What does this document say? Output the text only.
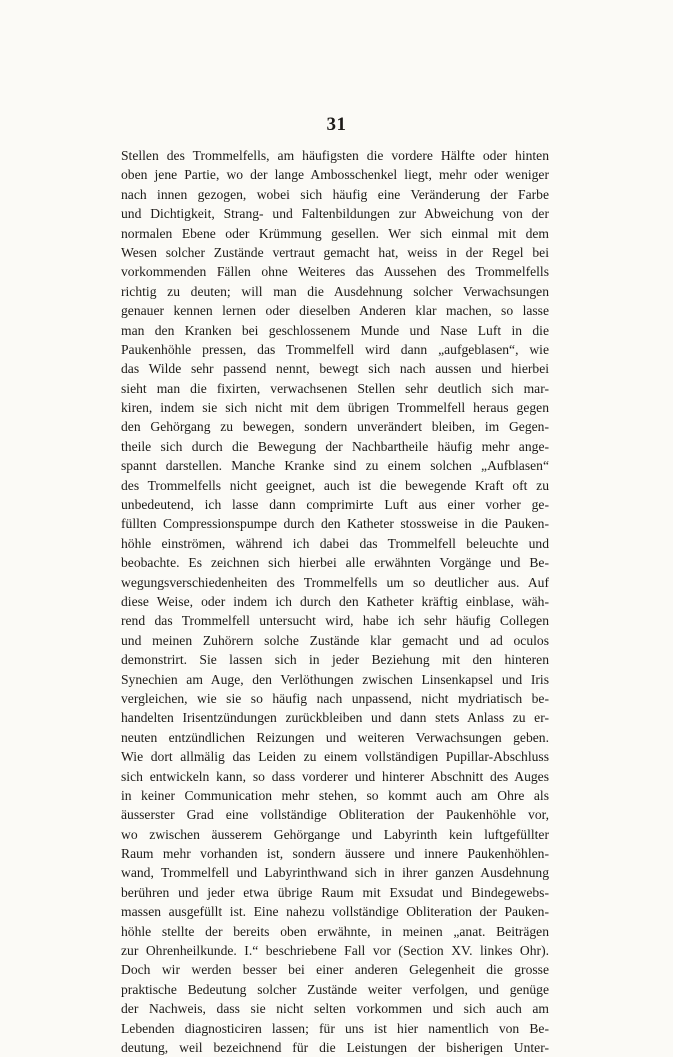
31
Stellen des Trommelfells, am häufigsten die vordere Hälfte oder hinten
oben jene Partie, wo der lange Ambosschenkel liegt, mehr oder weniger
nach innen gezogen, wobei sich häufig eine Veränderung der Farbe
und Dichtigkeit, Strang- und Faltenbildungen zur Abweichung von der
normalen Ebene oder Krümmung gesellen. Wer sich einmal mit dem
Wesen solcher Zustände vertraut gemacht hat, weiss in der Regel bei
vorkommenden Fällen ohne Weiteres das Aussehen des Trommelfells
richtig zu deuten; will man die Ausdehnung solcher Verwachsungen
genauer kennen lernen oder dieselben Anderen klar machen, so lasse
man den Kranken bei geschlossenem Munde und Nase Luft in die
Paukenhöhle pressen, das Trommelfell wird dann „aufgeblasen“, wie
das Wilde sehr passend nennt, bewegt sich nach aussen und hierbei
sieht man die fixirten, verwachsenen Stellen sehr deutlich sich mar-
kiren, indem sie sich nicht mit dem übrigen Trommelfell heraus gegen
den Gehörgang zu bewegen, sondern unverändert bleiben, im Gegen-
theile sich durch die Bewegung der Nachbartheile häufig mehr ange-
spannt darstellen. Manche Kranke sind zu einem solchen „Aufblasen“
des Trommelfells nicht geeignet, auch ist die bewegende Kraft oft zu
unbedeutend, ich lasse dann comprimirte Luft aus einer vorher ge-
füllten Compressionspumpe durch den Katheter stossweise in die Pauken-
höhle einströmen, während ich dabei das Trommelfell beleuchte und
beobachte. Es zeichnen sich hierbei alle erwähnten Vorgänge und Be-
wegungsverschiedenheiten des Trommelfells um so deutlicher aus. Auf
diese Weise, oder indem ich durch den Katheter kräftig einblase, wäh-
rend das Trommelfell untersucht wird, habe ich sehr häufig Collegen
und meinen Zuhörern solche Zustände klar gemacht und ad oculos
demonstrirt. Sie lassen sich in jeder Beziehung mit den hinteren
Synechien am Auge, den Verlöthungen zwischen Linsenkapsel und Iris
vergleichen, wie sie so häufig nach unpassend, nicht mydriatisch be-
handelten Irisentzündungen zurückbleiben und dann stets Anlass zu er-
neuten entzündlichen Reizungen und weiteren Verwachsungen geben.
Wie dort allmälig das Leiden zu einem vollständigen Pupillar-Abschluss
sich entwickeln kann, so dass vorderer und hinterer Abschnitt des Auges
in keiner Communication mehr stehen, so kommt auch am Ohre als
äusserster Grad eine vollständige Obliteration der Paukenhöhle vor,
wo zwischen äusserem Gehörgange und Labyrinth kein luftgefüllter
Raum mehr vorhanden ist, sondern äussere und innere Paukenhöhlen-
wand, Trommelfell und Labyrinthwand sich in ihrer ganzen Ausdehnung
berühren und jeder etwa übrige Raum mit Exsudat und Bindegewebs-
massen ausgefüllt ist. Eine nahezu vollständige Obliteration der Pauken-
höhle stellte der bereits oben erwähnte, in meinen „anat. Beiträgen
zur Ohrenheilkunde. I.“ beschriebene Fall vor (Section XV. linkes Ohr).
Doch wir werden besser bei einer anderen Gelegenheit die grosse
praktische Bedeutung solcher Zustände weiter verfolgen, und genüge
der Nachweis, dass sie nicht selten vorkommen und sich auch am
Lebenden diagnosticiren lassen; für uns ist hier namentlich von Be-
deutung, weil bezeichnend für die Leistungen der bisherigen Unter-
